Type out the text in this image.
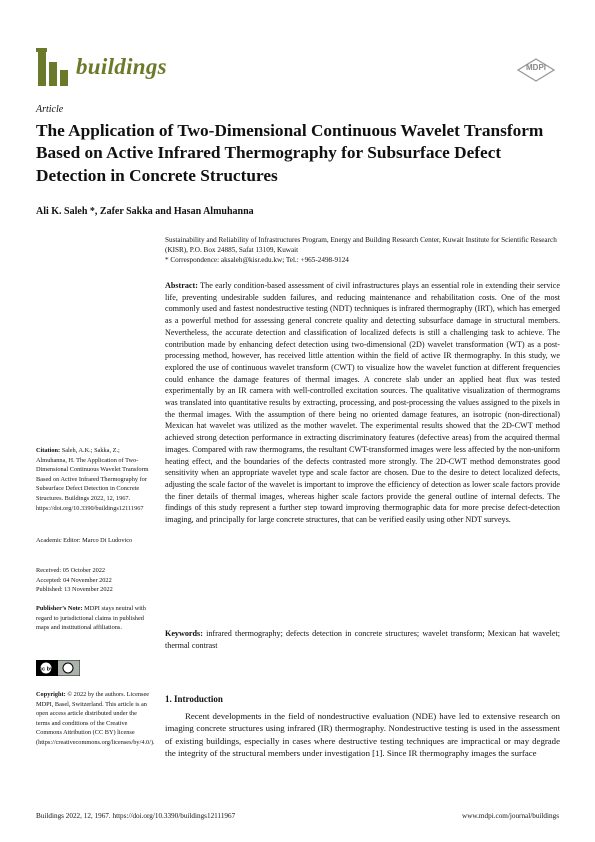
buildings	MDPI
Article
The Application of Two-Dimensional Continuous Wavelet Transform Based on Active Infrared Thermography for Subsurface Defect Detection in Concrete Structures
Ali K. Saleh *, Zafer Sakka and Hasan Almuhanna
Sustainability and Reliability of Infrastructures Program, Energy and Building Research Center, Kuwait Institute for Scientific Research (KISR), P.O. Box 24885, Safat 13109, Kuwait
* Correspondence: aksaleh@kisr.edu.kw; Tel.: +965-2498-9124
Abstract: The early condition-based assessment of civil infrastructures plays an essential role in extending their service life, preventing undesirable sudden failures, and reducing maintenance and rehabilitation costs. One of the most commonly used and fastest nondestructive testing (NDT) techniques is infrared thermography (IRT), which has emerged as a powerful method for assessing general concrete quality and detecting subsurface damage in structural members. Nevertheless, the accurate detection and classification of localized defects is still a challenging task to achieve. The contribution made by enhancing defect detection using two-dimensional (2D) wavelet transformation (WT) as a post-processing method, however, has received little attention within the field of active IR thermography. In this study, we explored the use of continuous wavelet transform (CWT) to visualize how the wavelet function at different frequencies could enhance the damage features of thermal images. A concrete slab under an applied heat flux was tested experimentally by an IR camera with well-controlled excitation sources. The qualitative visualization of thermograms was translated into quantitative results by extracting, processing, and post-processing the values assigned to the pixels in the thermal images. With the assumption of there being no oriented damage features, an isotropic (non-directional) Mexican hat wavelet was utilized as the mother wavelet. The experimental results showed that the 2D-CWT method achieved strong detection performance in extracting discriminatory features (defective areas) from the acquired thermal images. Compared with raw thermograms, the resultant CWT-transformed images were less affected by the non-uniform heating effect, and the boundaries of the defects contrasted more strongly. The 2D-CWT method demonstrates good sensitivity when an appropriate wavelet type and scale factor are chosen. Due to the desire to detect localized defects, adjusting the scale factor of the wavelet is important to improve the efficiency of detection as lower scale factors provide the finer details of thermal images, whereas higher scale factors provide the general outline of internal defects. The findings of this study represent a further step toward improving thermographic data for more precise defect-detection imaging, and principally for large concrete structures, that can be verified easily using other NDT surveys.
Keywords: infrared thermography; defects detection in concrete structures; wavelet transform; Mexican hat wavelet; thermal contrast
1. Introduction
Recent developments in the field of nondestructive evaluation (NDE) have led to extensive research on imaging concrete structures using infrared (IR) thermography. Nondestructive testing is used in the assessment of existing buildings, especially in cases where destructive testing techniques are impractical or may degrade the integrity of the structural members under investigation [1]. Since IR thermography images the surface
Citation: Saleh, A.K.; Sakka, Z.; Almuhanna, H. The Application of Two-Dimensional Continuous Wavelet Transform Based on Active Infrared Thermography for Subsurface Defect Detection in Concrete Structures. Buildings 2022, 12, 1967. https://doi.org/10.3390/buildings12111967
Academic Editor: Marco Di Ludovico
Received: 05 October 2022
Accepted: 04 November 2022
Published: 13 November 2022
Publisher’s Note: MDPI stays neutral with regard to jurisdictional claims in published maps and institutional affiliations.
cc by
Copyright: © 2022 by the authors. Licensee MDPI, Basel, Switzerland. This article is an open access article distributed under the terms and conditions of the Creative Commons Attribution (CC BY) license (https://creativecommons.org/licenses/by/4.0/).
Buildings 2022, 12, 1967. https://doi.org/10.3390/buildings12111967	www.mdpi.com/journal/buildings
